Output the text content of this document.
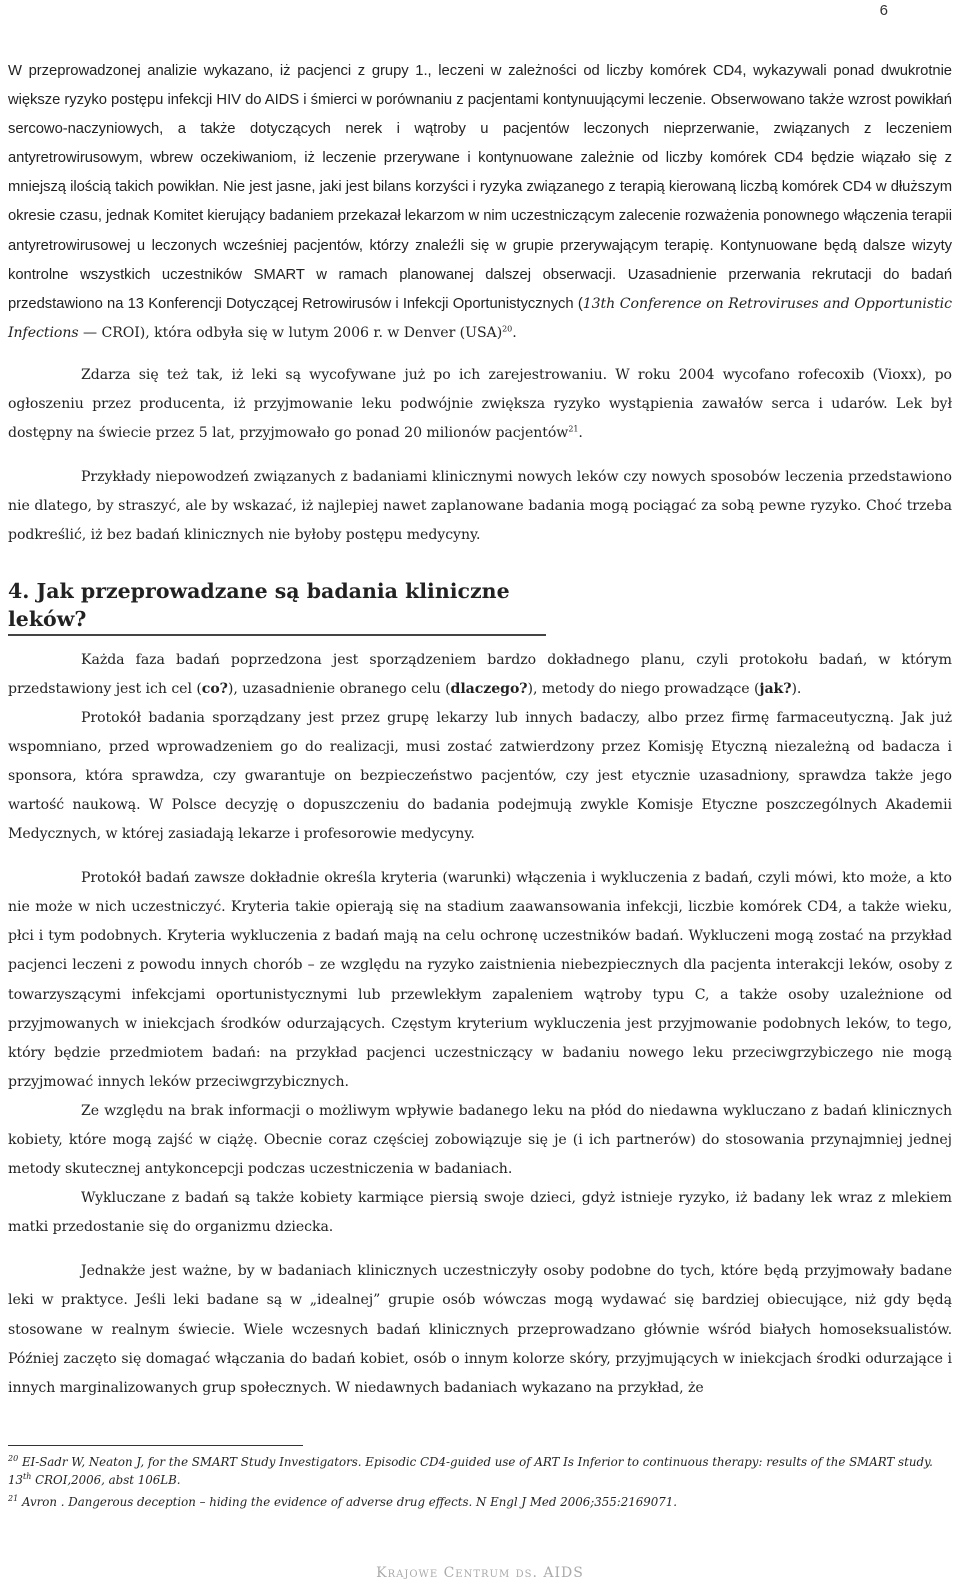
6

W przeprowadzonej analizie wykazano, iż pacjenci z grupy 1., leczeni w zależności od liczby komórek CD4, wykazywali ponad dwukrotnie większe ryzyko postępu infekcji HIV do AIDS i śmierci w porównaniu z pacjentami kontynuującymi leczenie. Obserwowano także wzrost powikłań sercowo-naczyniowych, a także dotyczących nerek i wątroby u pacjentów leczonych nieprzerwanie, związanych z leczeniem antyretrowirusowym, wbrew oczekiwaniom, iż leczenie przerywane i kontynuowane zależnie od liczby komórek CD4 będzie wiązało się z mniejszą ilością takich powikłan. Nie jest jasne, jaki jest bilans korzyści i ryzyka związanego z terapią kierowaną liczbą komórek CD4 w dłuższym okresie czasu, jednak Komitet kierujący badaniem przekazał lekarzom w nim uczestniczącym zalecenie rozważenia ponownego włączenia terapii antyretrowirusowej u leczonych wcześniej pacjentów, którzy znaleźli się w grupie przerywającym terapię. Kontynuowane będą dalsze wizyty kontrolne wszystkich uczestników SMART w ramach planowanej dalszej obserwacji. Uzasadnienie przerwania rekrutacji do badań przedstawiono na 13 Konferencji Dotyczącej Retrowirusów i Infekcji Oportunistycznych (13th Conference on Retroviruses and Opportunistic Infections — CROI), która odbyła się w lutym 2006 r. w Denver (USA)$^{20}$.

Zdarza się też tak, iż leki są wycofywane już po ich zarejestrowaniu. W roku 2004 wycofano rofecoxib (Vioxx), po ogłoszeniu przez producenta, iż przyjmowanie leku podwójnie zwiększa ryzyko wystąpienia zawałów serca i udarów. Lek był dostępny na świecie przez 5 lat, przyjmowało go ponad 20 milionów pacjentów$^{21}$.

Przykłady niepowodzeń związanych z badaniami klinicznymi nowych leków czy nowych sposobów leczenia przedstawiono nie dlatego, by straszyć, ale by wskazać, iż najlepiej nawet zaplanowane badania mogą pociągać za sobą pewne ryzyko. Choć trzeba podkreślić, iż bez badań klinicznych nie byłoby postępu medycyny.

4. Jak przeprowadzane są badania kliniczne leków?

Każda faza badań poprzedzona jest sporządzeniem bardzo dokładnego planu, czyli protokołu badań, w którym przedstawiony jest ich cel (co?), uzasadnienie obranego celu (dlaczego?), metody do niego prowadzące (jak?).

Protokół badania sporządzany jest przez grupę lekarzy lub innych badaczy, albo przez firmę farmaceutyczną. Jak już wspomniano, przed wprowadzeniem go do realizacji, musi zostać zatwierdzony przez Komisję Etyczną niezależną od badacza i sponsora, która sprawdza, czy gwarantuje on bezpieczeństwo pacjentów, czy jest etycznie uzasadniony, sprawdza także jego wartość naukową. W Polsce decyzję o dopuszczeniu do badania podejmują zwykle Komisje Etyczne poszczególnych Akademii Medycznych, w której zasiadają lekarze i profesorowie medycyny.

Protokół badań zawsze dokładnie określa kryteria (warunki) włączenia i wykluczenia z badań, czyli mówi, kto może, a kto nie może w nich uczestniczyć. Kryteria takie opierają się na stadium zaawansowania infekcji, liczbie komórek CD4, a także wieku, płci i tym podobnych. Kryteria wykluczenia z badań mają na celu ochronę uczestników badań. Wykluczeni mogą zostać na przykład pacjenci leczeni z powodu innych chorób – ze względu na ryzyko zaistnienia niebezpiecznych dla pacjenta interakcji leków, osoby z towarzyszącymi infekcjami oportunistycznymi lub przewlekłym zapaleniem wątroby typu C, a także osoby uzależnione od przyjmowanych w iniekcjach środków odurzających. Częstym kryterium wykluczenia jest przyjmowanie podobnych leków, to tego, który będzie przedmiotem badań: na przykład pacjenci uczestniczący w badaniu nowego leku przeciwgrzybiczego nie mogą przyjmować innych leków przeciwgrzybicznych.

Ze względu na brak informacji o możliwym wpływie badanego leku na płód do niedawna wykluczano z badań klinicznych kobiety, które mogą zajść w ciążę. Obecnie coraz częściej zobowiązuje się je (i ich partnerów) do stosowania przynajmniej jednej metody skutecznej antykoncepcji podczas uczestniczenia w badaniach.

Wykluczane z badań są także kobiety karmiące piersią swoje dzieci, gdyż istnieje ryzyko, iż badany lek wraz z mlekiem matki przedostanie się do organizmu dziecka.

Jednakże jest ważne, by w badaniach klinicznych uczestniczyły osoby podobne do tych, które będą przyjmowały badane leki w praktyce. Jeśli leki badane są w „idealnej” grupie osób wówczas mogą wydawać się bardziej obiecujące, niż gdy będą stosowane w realnym świecie. Wiele wczesnych badań klinicznych przeprowadzano głównie wśród białych homoseksualistów. Później zaczęto się domagać włączania do badań kobiet, osób o innym kolorze skóry, przyjmujących w iniekcjach środki odurzające i innych marginalizowanych grup społecznych. W niedawnych badaniach wykazano na przykład, że

$^{20}$ EI-Sadr W, Neaton J, for the SMART Study Investigators. Episodic CD4-guided use of ART Is Inferior to continuous therapy: results of the SMART study. 13th CROI,2006, abst 106LB.
$^{21}$ Avron . Dangerous deception – hiding the evidence of adverse drug effects. N Engl J Med 2006;355:2169071.
Krajowe Centrum ds. AIDS
